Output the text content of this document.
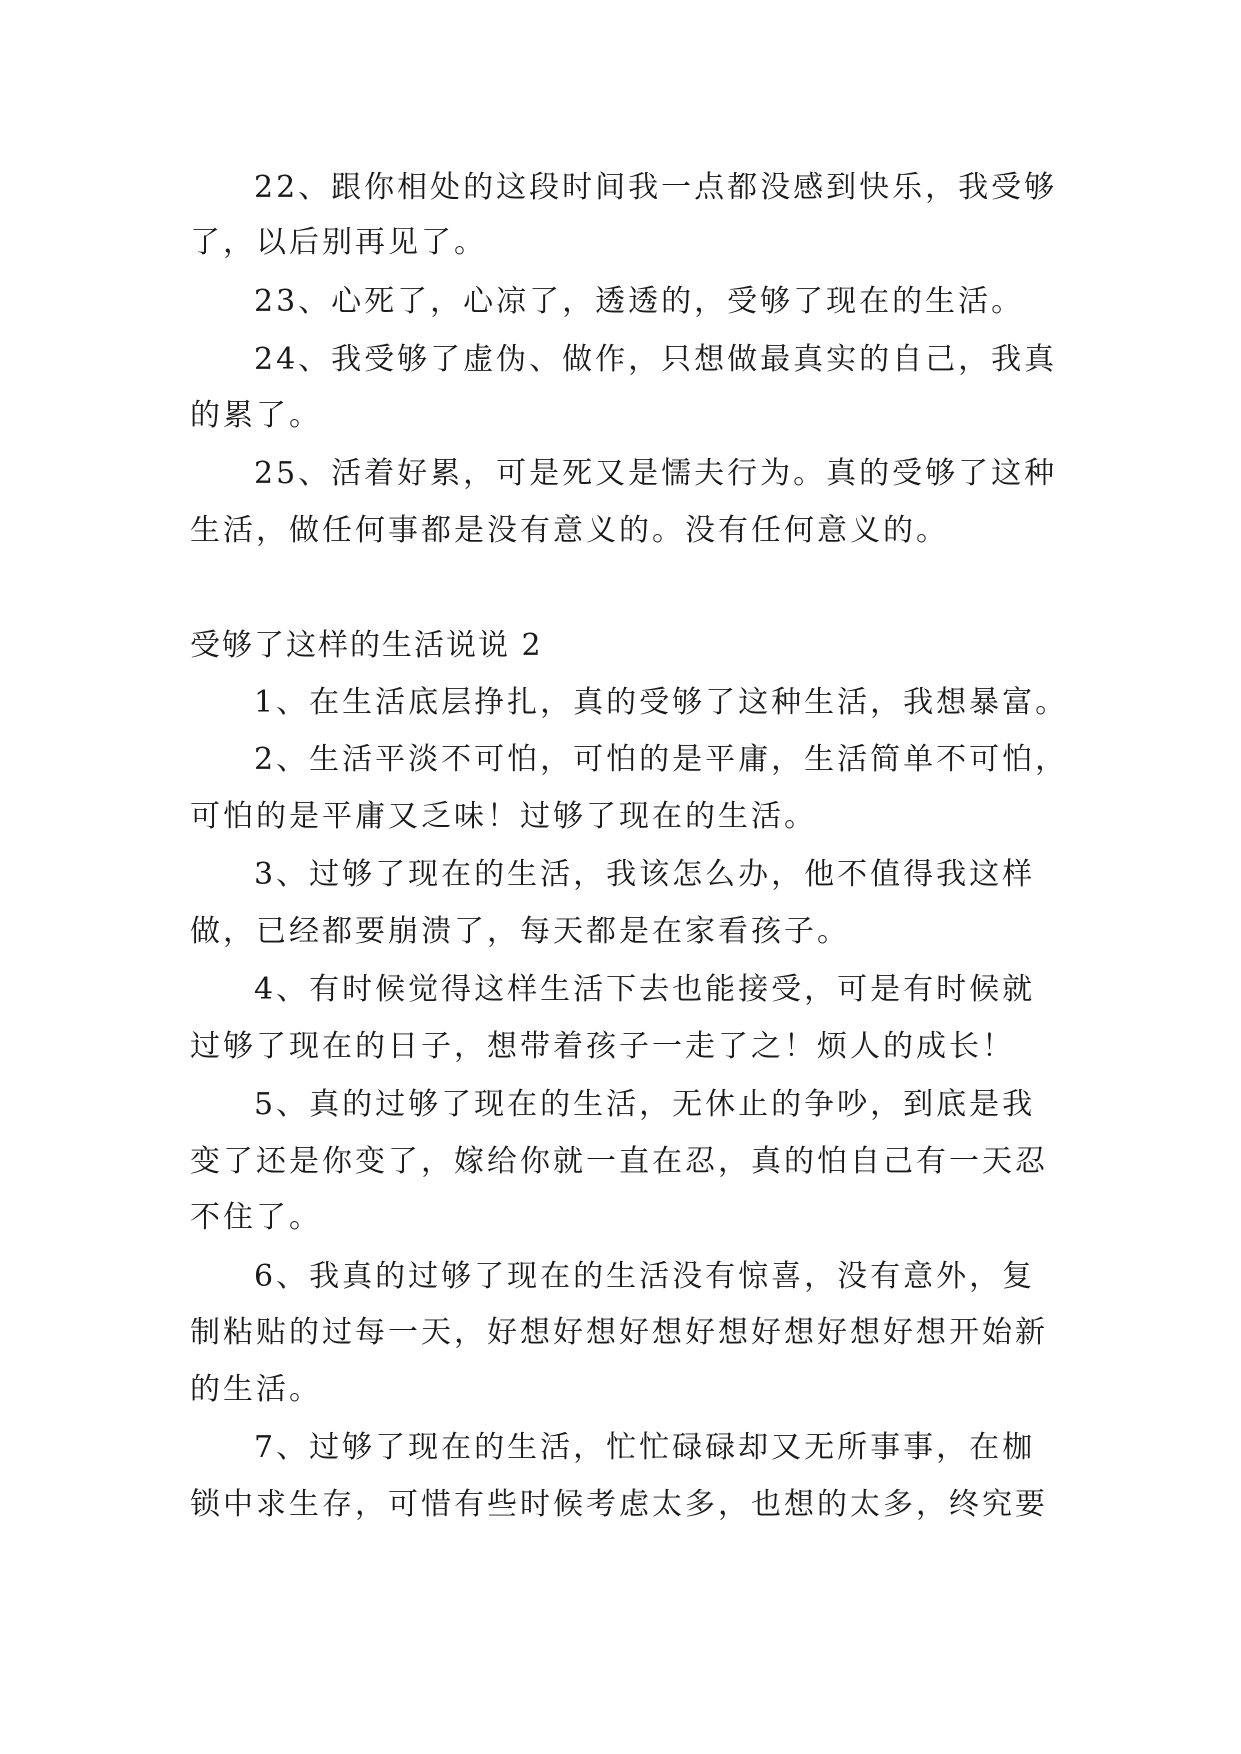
22、跟你相处的这段时间我一点都没感到快乐，我受够
了，以后别再见了。
23、心死了，心凉了，透透的，受够了现在的生活。
24、我受够了虚伪、做作，只想做最真实的自己，我真
的累了。
25、活着好累，可是死又是懦夫行为。真的受够了这种
生活，做任何事都是没有意义的。没有任何意义的。
受够了这样的生活说说 2
1、在生活底层挣扎，真的受够了这种生活，我想暴富。
2、生活平淡不可怕，可怕的是平庸，生活简单不可怕，
可怕的是平庸又乏味！过够了现在的生活。
3、过够了现在的生活，我该怎么办，他不值得我这样
做，已经都要崩溃了，每天都是在家看孩子。
4、有时候觉得这样生活下去也能接受，可是有时候就
过够了现在的日子，想带着孩子一走了之！烦人的成长！
5、真的过够了现在的生活，无休止的争吵，到底是我
变了还是你变了，嫁给你就一直在忍，真的怕自己有一天忍
不住了。
6、我真的过够了现在的生活没有惊喜，没有意外，复
制粘贴的过每一天，好想好想好想好想好想好想好想开始新
的生活。
7、过够了现在的生活，忙忙碌碌却又无所事事，在枷
锁中求生存，可惜有些时候考虑太多，也想的太多，终究要
